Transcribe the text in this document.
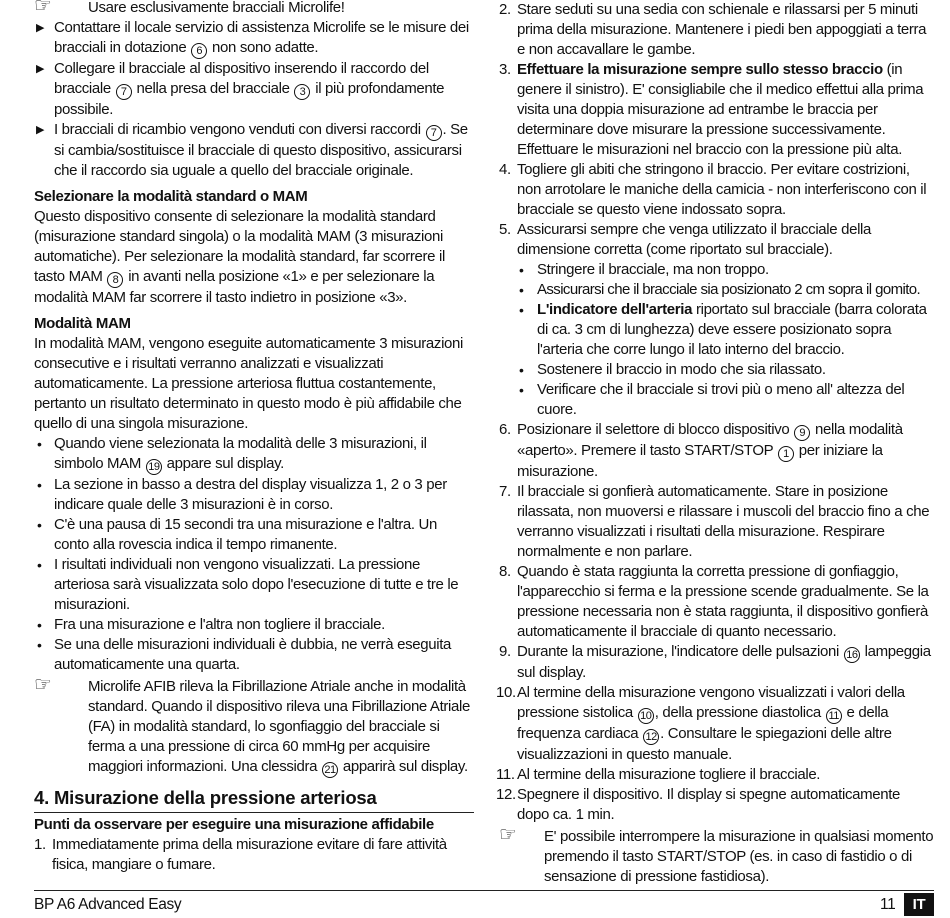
☞ Usare esclusivamente bracciali Microlife!
▶ Contattare il locale servizio di assistenza Microlife se le misure dei bracciali in dotazione 6 non sono adatte.
▶ Collegare il bracciale al dispositivo inserendo il raccordo del bracciale 7 nella presa del bracciale 3 il più profondamente possibile.
▶ I bracciali di ricambio vengono venduti con diversi raccordi 7 . Se si cambia/sostituisce il bracciale di questo dispositivo, assicurarsi che il raccordo sia uguale a quello del bracciale originale.
Selezionare la modalità standard o MAM

Questo dispositivo consente di selezionare la modalità standard (misurazione standard singola) o la modalità MAM (3 misurazioni automatiche). Per selezionare la modalità standard, far scorrere il tasto MAM 8 in avanti nella posizione «1» e per selezionare la modalità MAM far scorrere il tasto indietro in posizione «3».

Modalità MAM

In modalità MAM, vengono eseguite automaticamente 3 misurazioni consecutive e i risultati verranno analizzati e visualizzati automaticamente. La pressione arteriosa fluttua costantemente, pertanto un risultato determinato in questo modo è più affidabile che quello di una singola misurazione.

• Quando viene selezionata la modalità delle 3 misurazioni, il simbolo MAM 19 appare sul display.
• La sezione in basso a destra del display visualizza 1, 2 o 3 per indicare quale delle 3 misurazioni è in corso.
• C'è una pausa di 15 secondi tra una misurazione e l'altra. Un conto alla rovescia indica il tempo rimanente.
• I risultati individuali non vengono visualizzati. La pressione arteriosa sarà visualizzata solo dopo l'esecuzione di tutte e tre le misurazioni.
• Fra una misurazione e l'altra non togliere il bracciale.
• Se una delle misurazioni individuali è dubbia, ne verrà eseguita automaticamente una quarta.
☞ Microlife AFIB rileva la Fibrillazione Atriale anche in modalità standard. Quando il dispositivo rileva una Fibrillazione Atriale (FA) in modalità standard, lo sgonfiaggio del bracciale si ferma a una pressione di circa 60 mmHg per acquisire maggiori informazioni. Una clessidra 21 apparirà sul display.
4. Misurazione della pressione arteriosa
Punti da osservare per eseguire una misurazione affidabile
1. Immediatamente prima della misurazione evitare di fare attività fisica, mangiare o fumare.
2. Stare seduti su una sedia con schienale e rilassarsi per 5 minuti prima della misurazione. Mantenere i piedi ben appoggiati a terra e non accavallare le gambe.
3. Effettuare la misurazione sempre sullo stesso braccio (in genere il sinistro). E' consigliabile che il medico effettui alla prima visita una doppia misurazione ad entrambe le braccia per determinare dove misurare la pressione successivamente. Effettuare le misurazioni nel braccio con la pressione più alta.
4. Togliere gli abiti che stringono il braccio. Per evitare costrizioni, non arrotolare le maniche della camicia - non interferiscono con il bracciale se questo viene indossato sopra.
5. Assicurarsi sempre che venga utilizzato il bracciale della dimensione corretta (come riportato sul bracciale).
• Stringere il bracciale, ma non troppo.
• Assicurarsi che il bracciale sia posizionato 2 cm sopra il gomito.
• L'indicatore dell'arteria riportato sul bracciale (barra colorata di ca. 3 cm di lunghezza) deve essere posizionato sopra l'arteria che corre lungo il lato interno del braccio.
• Sostenere il braccio in modo che sia rilassato.
• Verificare che il bracciale si trovi più o meno all' altezza del cuore.
6. Posizionare il selettore di blocco dispositivo 9 nella modalità «aperto». Premere il tasto START/STOP 1 per iniziare la misurazione.
7. Il bracciale si gonfierà automaticamente. Stare in posizione rilassata, non muoversi e rilassare i muscoli del braccio fino a che verranno visualizzati i risultati della misurazione. Respirare normalmente e non parlare.
8. Quando è stata raggiunta la corretta pressione di gonfiaggio, l'apparecchio si ferma e la pressione scende gradualmente. Se la pressione necessaria non è stata raggiunta, il dispositivo gonfierà automaticamente il bracciale di quanto necessario.
9. Durante la misurazione, l'indicatore delle pulsazioni 16 lampeggia sul display.
10. Al termine della misurazione vengono visualizzati i valori della pressione sistolica 10 , della pressione diastolica 11 e della frequenza cardiaca 12 . Consultare le spiegazioni delle altre visualizzazioni in questo manuale.
11. Al termine della misurazione togliere il bracciale.
12. Spegnere il dispositivo. Il display si spegne automaticamente dopo ca. 1 min.
☞ E' possibile interrompere la misurazione in qualsiasi momento premendo il tasto START/STOP (es. in caso di fastidio o di sensazione di pressione fastidiosa).
BP A6 Advanced Easy	11	IT
